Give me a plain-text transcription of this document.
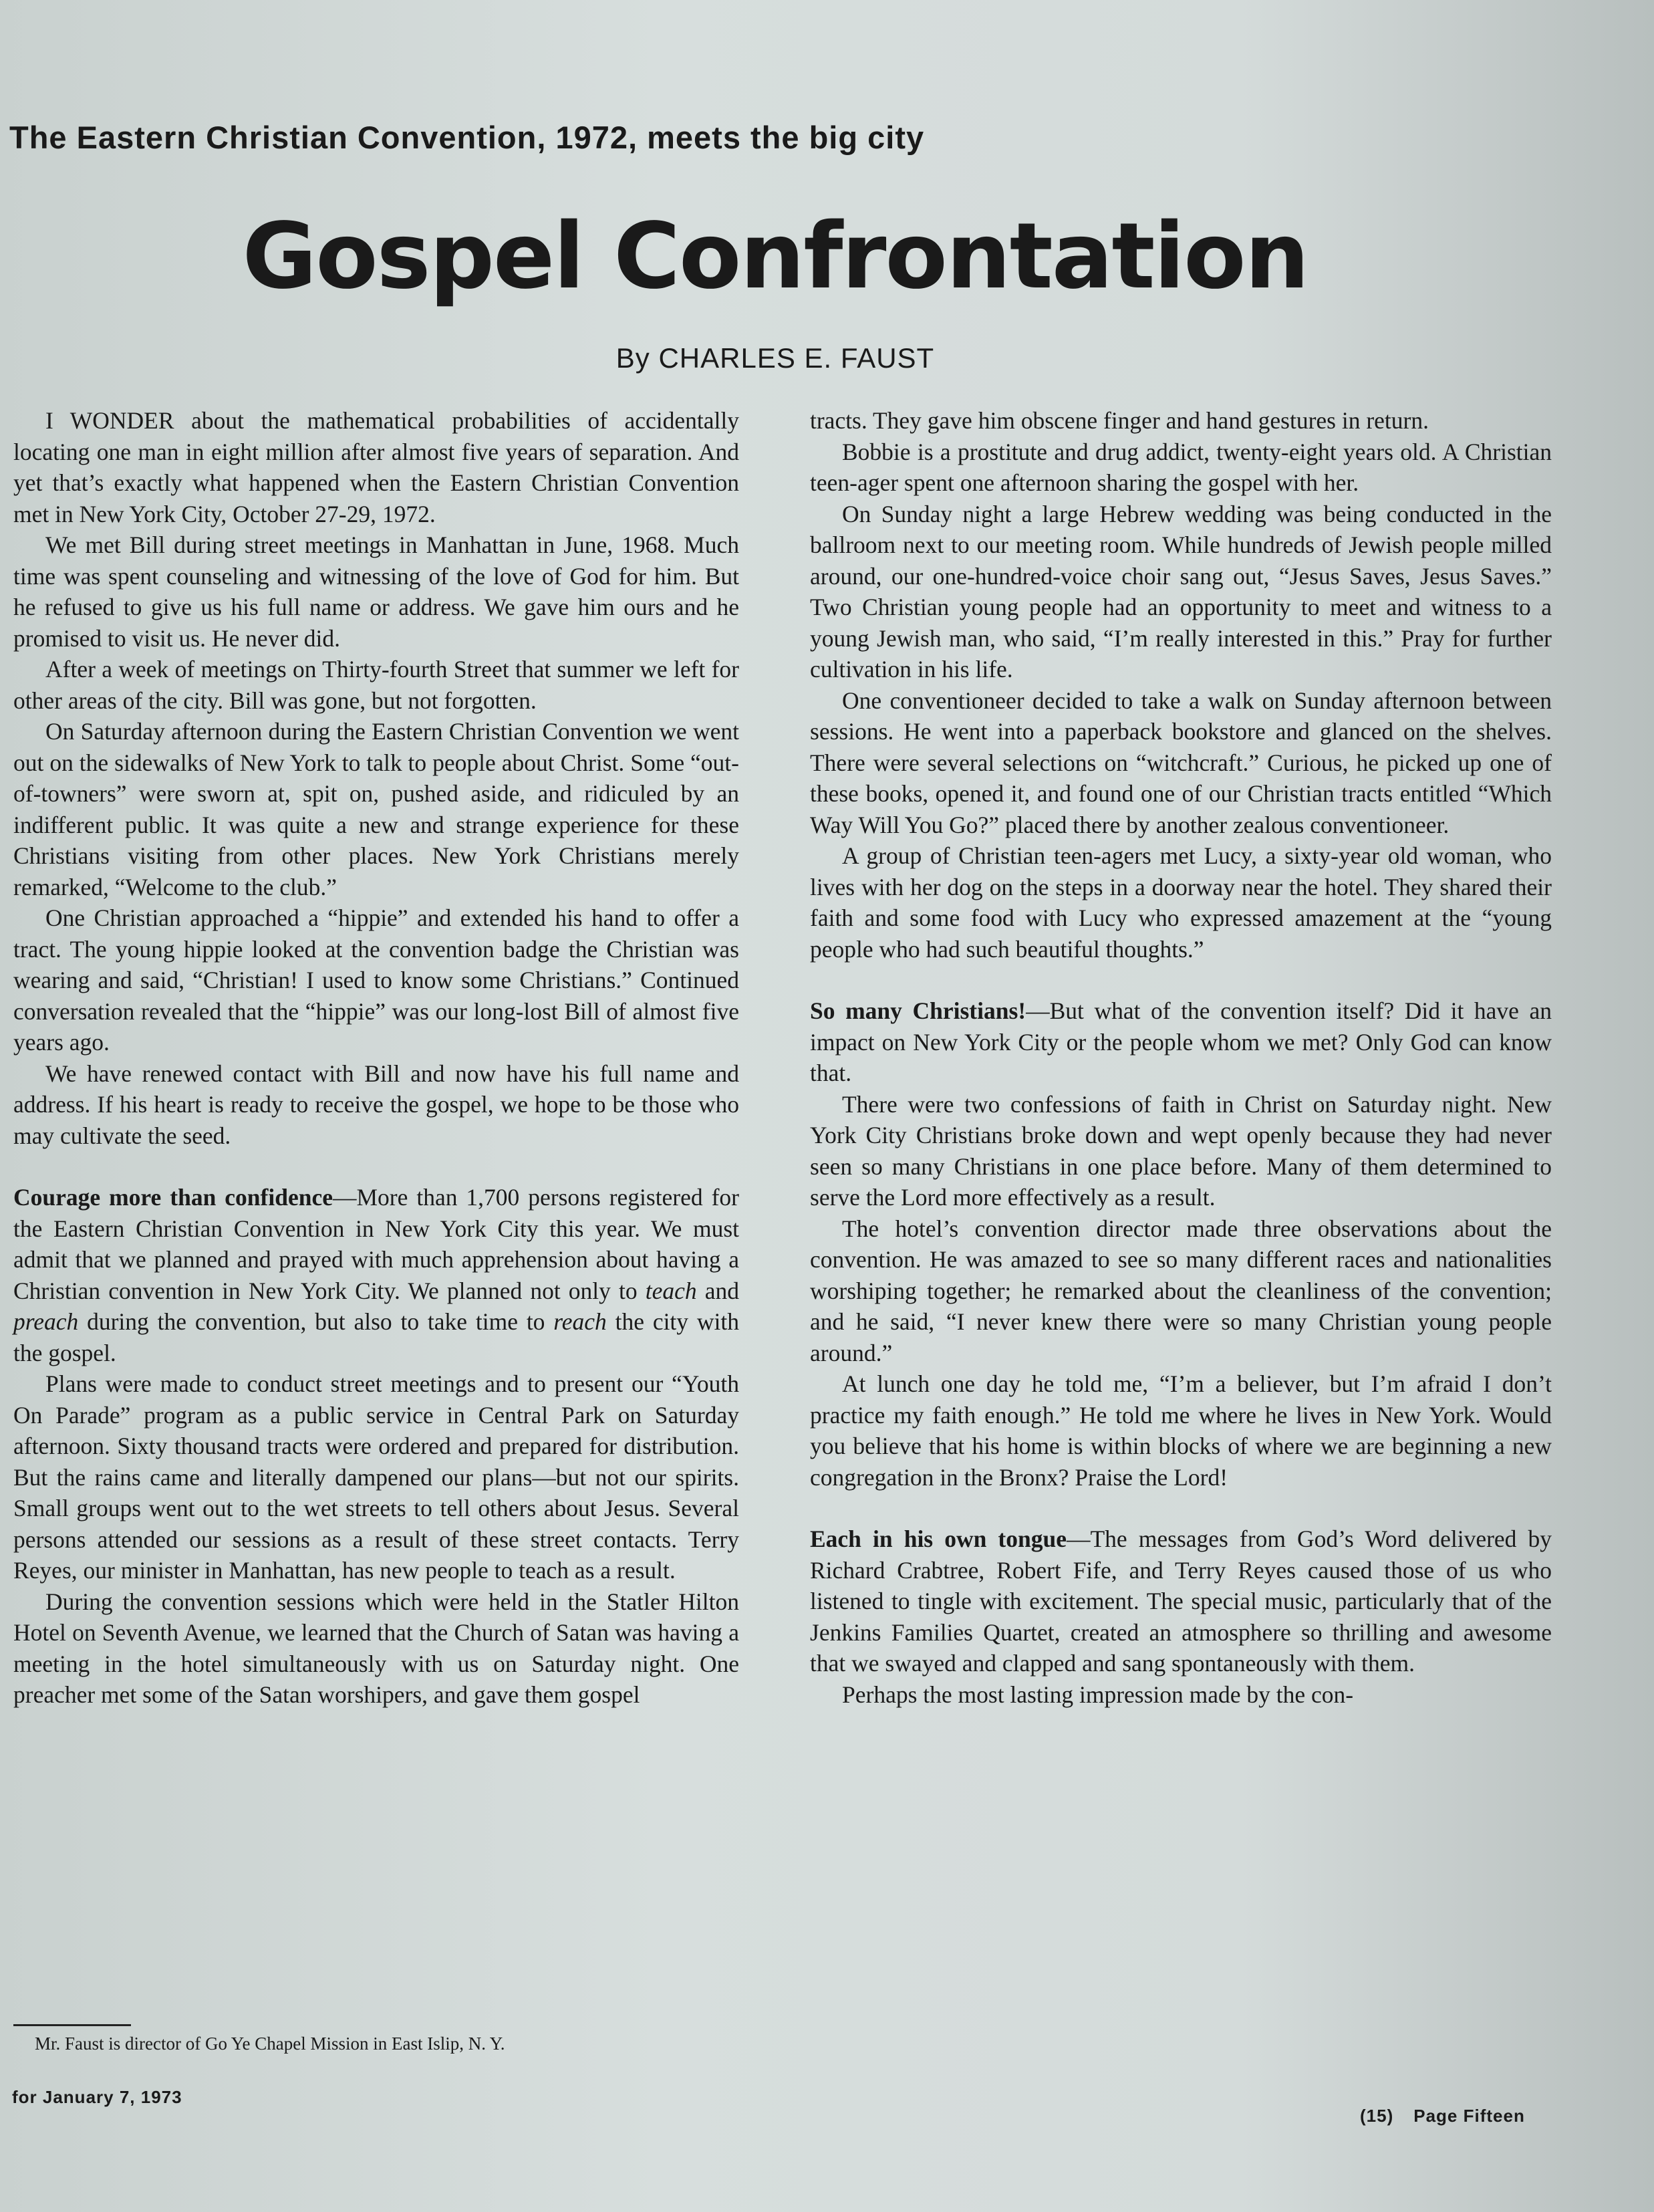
The Eastern Christian Convention, 1972, meets the big city
Gospel Confrontation
By CHARLES E. FAUST

I WONDER about the mathematical probabilities of accidentally locating one man in eight million after almost five years of separation. And yet that’s exactly what happened when the Eastern Christian Convention met in New York City, October 27-29, 1972.

We met Bill during street meetings in Manhattan in June, 1968. Much time was spent counseling and witnessing of the love of God for him. But he refused to give us his full name or address. We gave him ours and he promised to visit us. He never did.

After a week of meetings on Thirty-fourth Street that summer we left for other areas of the city. Bill was gone, but not forgotten.

On Saturday afternoon during the Eastern Christian Convention we went out on the sidewalks of New York to talk to people about Christ. Some “out-of-towners” were sworn at, spit on, pushed aside, and ridiculed by an indifferent public. It was quite a new and strange experience for these Christians visiting from other places. New York Christians merely remarked, “Welcome to the club.”

One Christian approached a “hippie” and extended his hand to offer a tract. The young hippie looked at the convention badge the Christian was wearing and said, “Christian! I used to know some Christians.” Continued conversation revealed that the “hippie” was our long-lost Bill of almost five years ago.

We have renewed contact with Bill and now have his full name and address. If his heart is ready to receive the gospel, we hope to be those who may cultivate the seed.

Courage more than confidence—More than 1,700 persons registered for the Eastern Christian Convention in New York City this year. We must admit that we planned and prayed with much apprehension about having a Christian convention in New York City. We planned not only to teach and preach during the convention, but also to take time to reach the city with the gospel.

Plans were made to conduct street meetings and to present our “Youth On Parade” program as a public service in Central Park on Saturday afternoon. Sixty thousand tracts were ordered and prepared for distribution. But the rains came and literally dampened our plans—but not our spirits. Small groups went out to the wet streets to tell others about Jesus. Several persons attended our sessions as a result of these street contacts. Terry Reyes, our minister in Manhattan, has new people to teach as a result.

During the convention sessions which were held in the Statler Hilton Hotel on Seventh Avenue, we learned that the Church of Satan was having a meeting in the hotel simultaneously with us on Saturday night. One preacher met some of the Satan worshipers, and gave them gospel

tracts. They gave him obscene finger and hand gestures in return.

Bobbie is a prostitute and drug addict, twenty-eight years old. A Christian teen-ager spent one afternoon sharing the gospel with her.

On Sunday night a large Hebrew wedding was being conducted in the ballroom next to our meeting room. While hundreds of Jewish people milled around, our one-hundred-voice choir sang out, “Jesus Saves, Jesus Saves.” Two Christian young people had an opportunity to meet and witness to a young Jewish man, who said, “I’m really interested in this.” Pray for further cultivation in his life.

One conventioneer decided to take a walk on Sunday afternoon between sessions. He went into a paperback bookstore and glanced on the shelves. There were several selections on “witchcraft.” Curious, he picked up one of these books, opened it, and found one of our Christian tracts entitled “Which Way Will You Go?” placed there by another zealous conventioneer.

A group of Christian teen-agers met Lucy, a sixty-year old woman, who lives with her dog on the steps in a doorway near the hotel. They shared their faith and some food with Lucy who expressed amazement at the “young people who had such beautiful thoughts.”

So many Christians!—But what of the convention itself? Did it have an impact on New York City or the people whom we met? Only God can know that.

There were two confessions of faith in Christ on Saturday night. New York City Christians broke down and wept openly because they had never seen so many Christians in one place before. Many of them determined to serve the Lord more effectively as a result.

The hotel’s convention director made three observations about the convention. He was amazed to see so many different races and nationalities worshiping together; he remarked about the cleanliness of the convention; and he said, “I never knew there were so many Christian young people around.”

At lunch one day he told me, “I’m a believer, but I’m afraid I don’t practice my faith enough.” He told me where he lives in New York. Would you believe that his home is within blocks of where we are beginning a new congregation in the Bronx? Praise the Lord!

Each in his own tongue—The messages from God’s Word delivered by Richard Crabtree, Robert Fife, and Terry Reyes caused those of us who listened to tingle with excitement. The special music, particularly that of the Jenkins Families Quartet, created an atmosphere so thrilling and awesome that we swayed and clapped and sang spontaneously with them.

Perhaps the most lasting impression made by the con-

Mr. Faust is director of Go Ye Chapel Mission in East Islip, N. Y.
for January 7, 1973
(15) Page Fifteen
